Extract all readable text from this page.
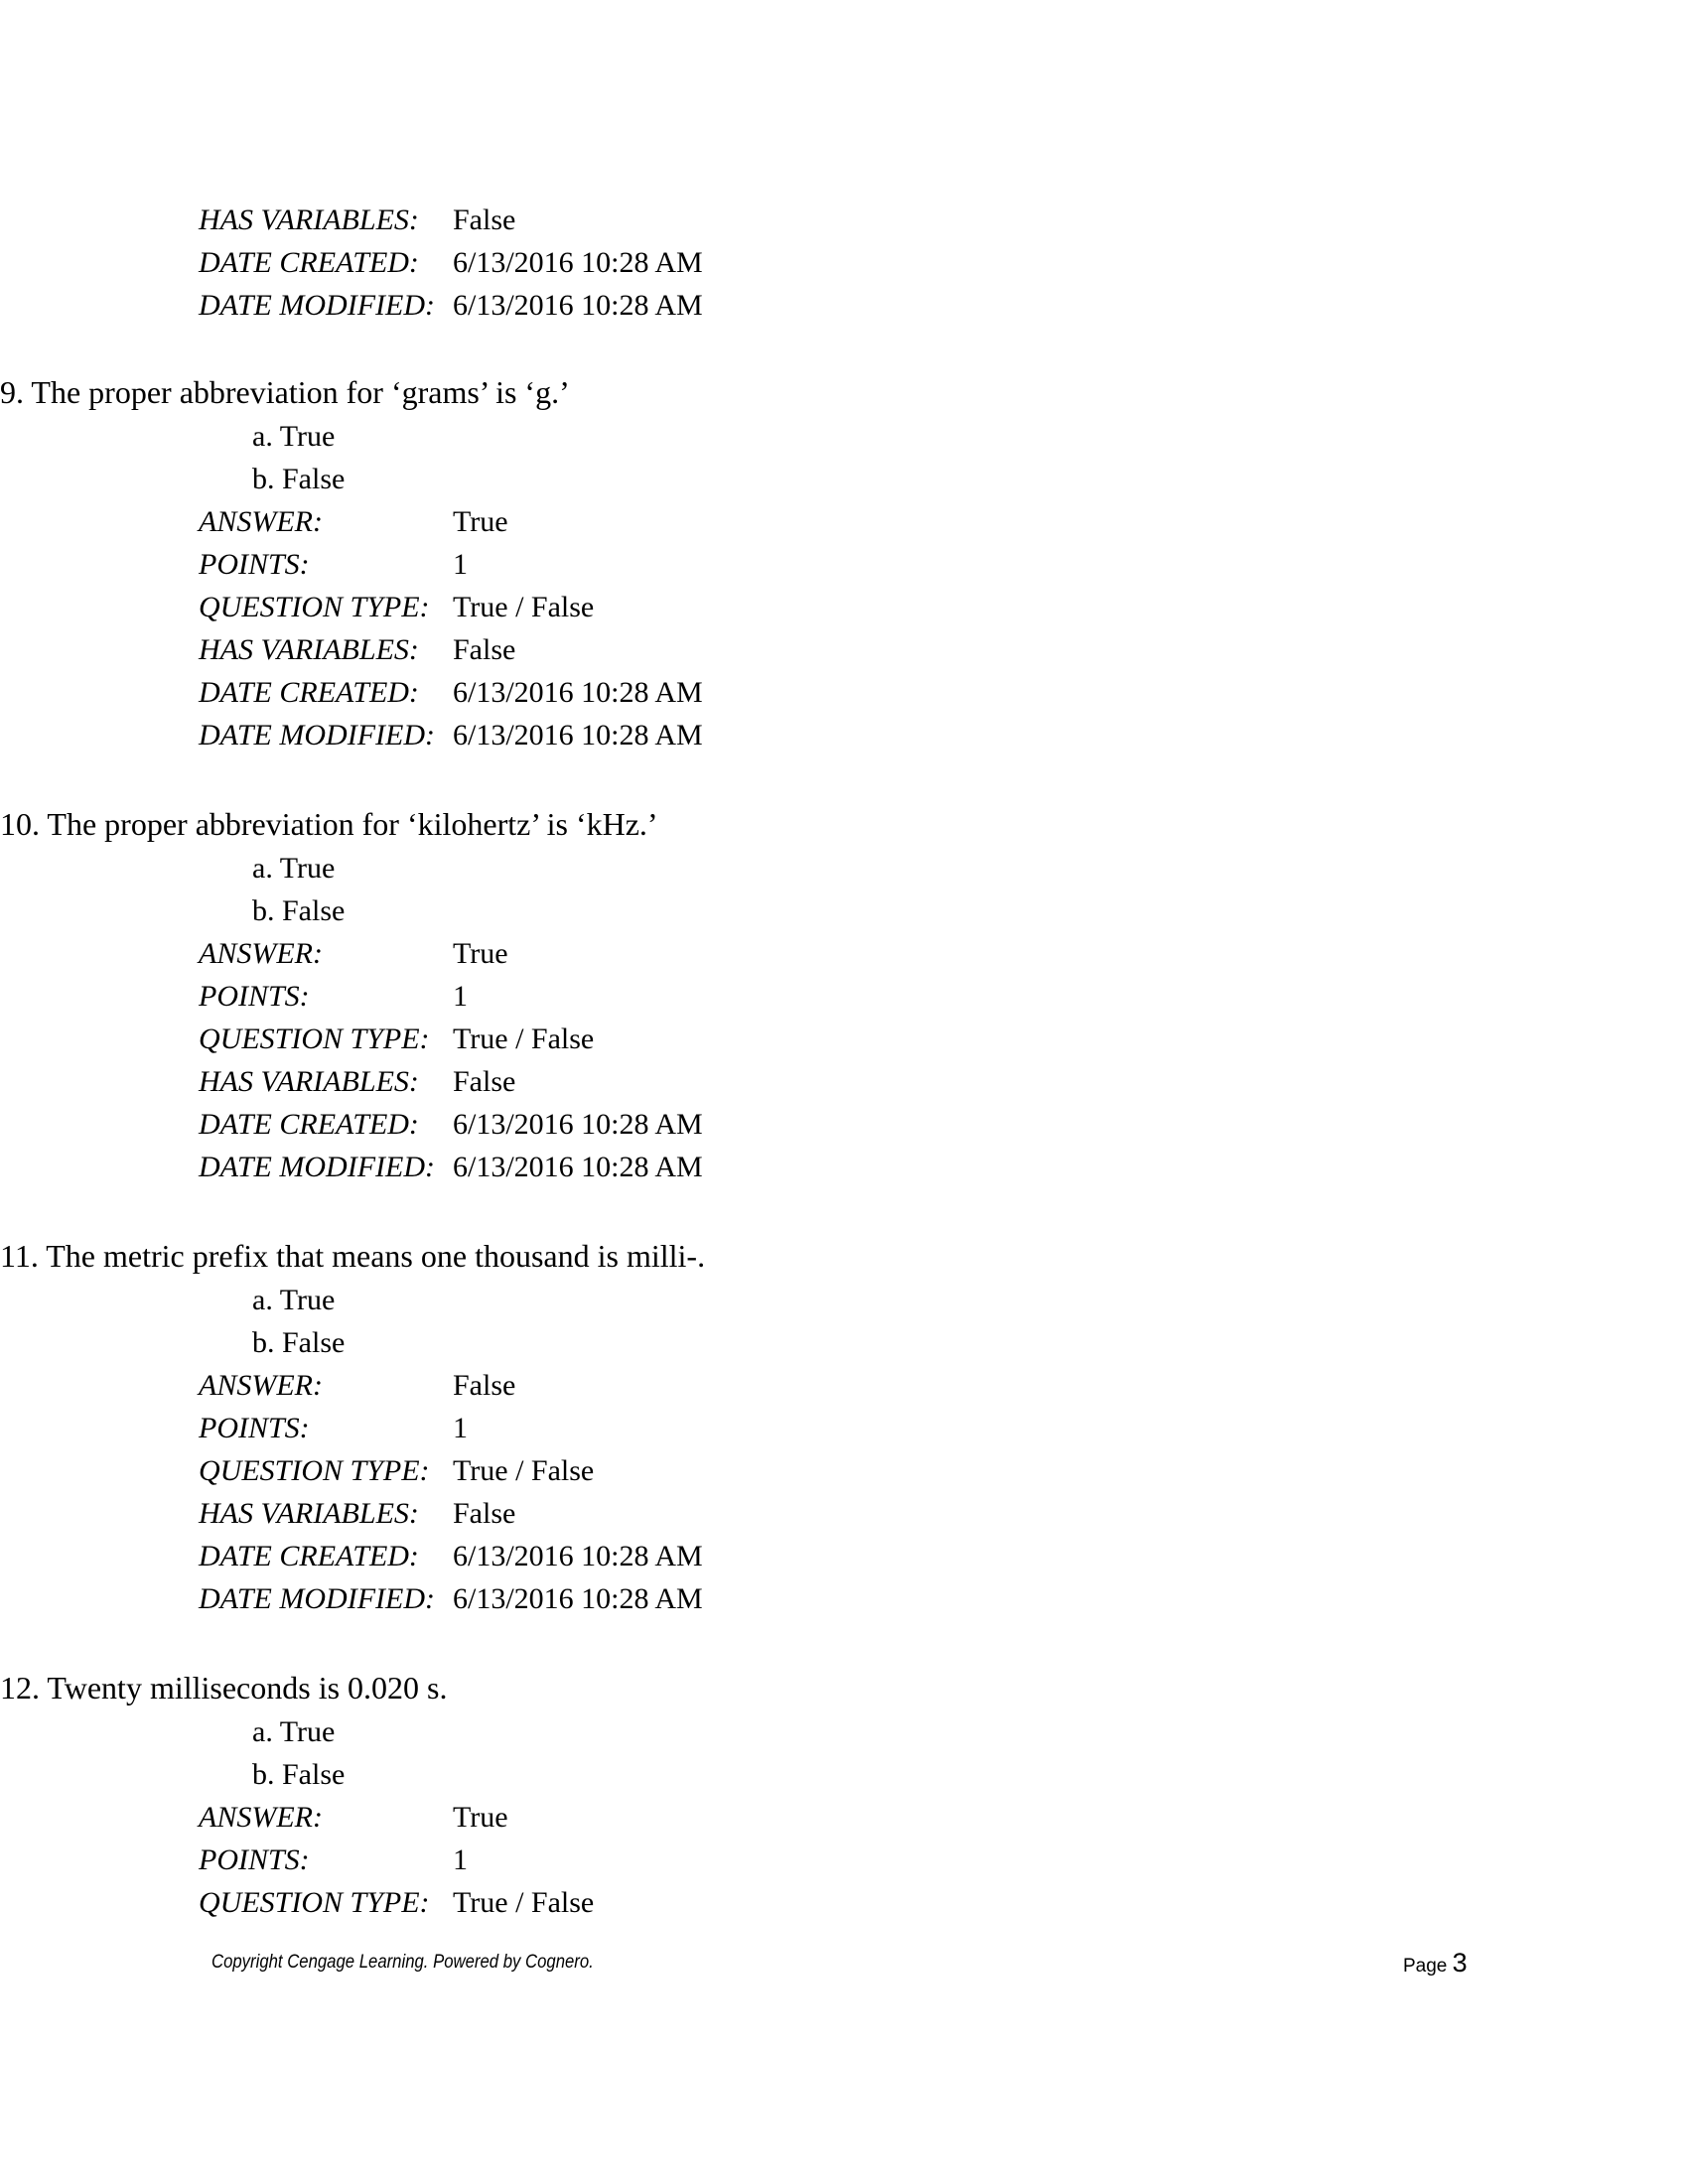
HAS VARIABLES: False
DATE CREATED: 6/13/2016 10:28 AM
DATE MODIFIED: 6/13/2016 10:28 AM
9. The proper abbreviation for ‘grams’ is ‘g.’
a. True
b. False
ANSWER:	True
POINTS:	1
QUESTION TYPE: True / False
HAS VARIABLES: False
DATE CREATED: 6/13/2016 10:28 AM
DATE MODIFIED: 6/13/2016 10:28 AM
10. The proper abbreviation for ‘kilohertz’ is ‘kHz.’
a. True
b. False
ANSWER:	True
POINTS:	1
QUESTION TYPE: True / False
HAS VARIABLES: False
DATE CREATED: 6/13/2016 10:28 AM
DATE MODIFIED: 6/13/2016 10:28 AM
11. The metric prefix that means one thousand is milli-.
a. True
b. False
ANSWER:	False
POINTS:	1
QUESTION TYPE: True / False
HAS VARIABLES: False
DATE CREATED: 6/13/2016 10:28 AM
DATE MODIFIED: 6/13/2016 10:28 AM
12. Twenty milliseconds is 0.020 s.
a. True
b. False
ANSWER:	True
POINTS:	1
QUESTION TYPE: True / False
Copyright Cengage Learning. Powered by Cognero.	Page 3
